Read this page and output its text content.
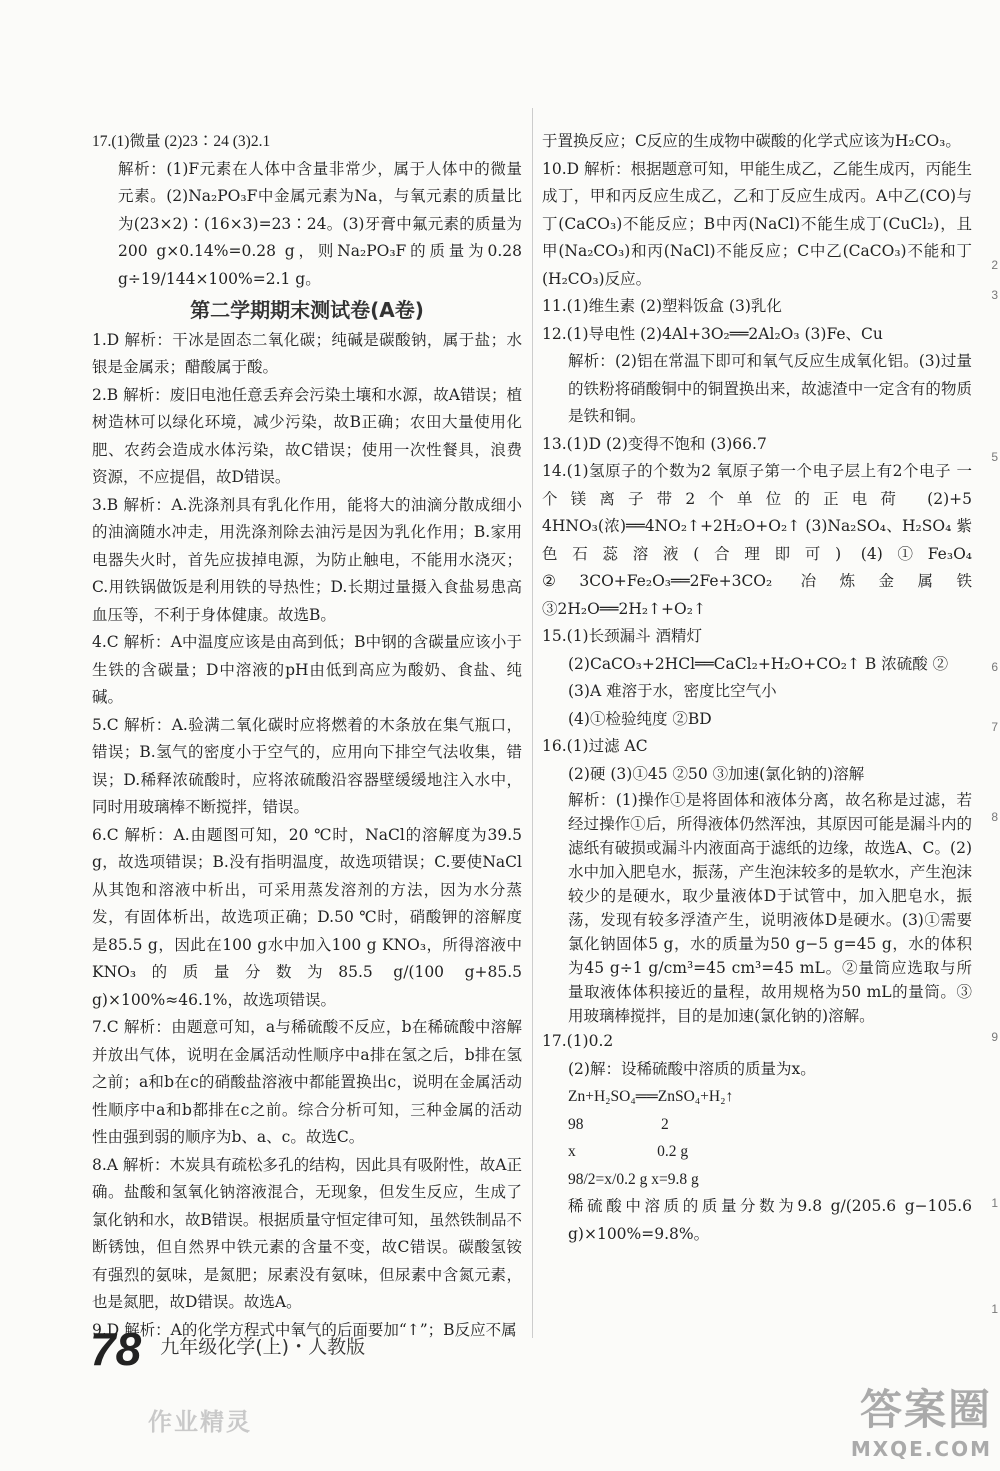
17.(1)微量 (2)23∶24 (3)2.1

解析：(1)F元素在人体中含量非常少，属于人体中的微量元素。(2)Na₂PO₃F中金属元素为Na，与氧元素的质量比为(23×2)∶(16×3)=23∶24。(3)牙膏中氟元素的质量为200 g×0.14%=0.28 g，则Na₂PO₃F的质量为0.28 g÷19/144×100%=2.1 g。

第二学期期末测试卷(A卷)

1.D 解析：干冰是固态二氧化碳；纯碱是碳酸钠，属于盐；水银是金属汞；醋酸属于酸。

2.B 解析：废旧电池任意丢弃会污染土壤和水源，故A错误；植树造林可以绿化环境，减少污染，故B正确；农田大量使用化肥、农药会造成水体污染，故C错误；使用一次性餐具，浪费资源，不应提倡，故D错误。

3.B 解析：A.洗涤剂具有乳化作用，能将大的油滴分散成细小的油滴随水冲走，用洗涤剂除去油污是因为乳化作用；B.家用电器失火时，首先应拔掉电源，为防止触电，不能用水浇灭；C.用铁锅做饭是利用铁的导热性；D.长期过量摄入食盐易患高血压等，不利于身体健康。故选B。

4.C 解析：A中温度应该是由高到低；B中钢的含碳量应该小于生铁的含碳量；D中溶液的pH由低到高应为酸奶、食盐、纯碱。

5.C 解析：A.验满二氧化碳时应将燃着的木条放在集气瓶口，错误；B.氢气的密度小于空气的，应用向下排空气法收集，错误；D.稀释浓硫酸时，应将浓硫酸沿容器壁缓缓地注入水中，同时用玻璃棒不断搅拌，错误。

6.C 解析：A.由题图可知，20 ℃时，NaCl的溶解度为39.5 g，故选项错误；B.没有指明温度，故选项错误；C.要使NaCl从其饱和溶液中析出，可采用蒸发溶剂的方法，因为水分蒸发，有固体析出，故选项正确；D.50 ℃时，硝酸钾的溶解度是85.5 g，因此在100 g水中加入100 g KNO₃，所得溶液中KNO₃的质量分数为85.5 g/(100 g+85.5 g)×100%≈46.1%，故选项错误。

7.C 解析：由题意可知，a与稀硫酸不反应，b在稀硫酸中溶解并放出气体，说明在金属活动性顺序中a排在氢之后，b排在氢之前；a和b在c的硝酸盐溶液中都能置换出c，说明在金属活动性顺序中a和b都排在c之前。综合分析可知，三种金属的活动性由强到弱的顺序为b、a、c。故选C。

8.A 解析：木炭具有疏松多孔的结构，因此具有吸附性，故A正确。盐酸和氢氧化钠溶液混合，无现象，但发生反应，生成了氯化钠和水，故B错误。根据质量守恒定律可知，虽然铁制品不断锈蚀，但自然界中铁元素的含量不变，故C错误。碳酸氢铵有强烈的氨味，是氮肥；尿素没有氨味，但尿素中含氮元素，也是氮肥，故D错误。故选A。

9.D 解析：A的化学方程式中氧气的后面要加“↑”；B反应不属

于置换反应；C反应的生成物中碳酸的化学式应该为H₂CO₃。

10.D 解析：根据题意可知，甲能生成乙，乙能生成丙，丙能生成丁，甲和丙反应生成乙，乙和丁反应生成丙。A中乙(CO)与丁(CaCO₃)不能反应；B中丙(NaCl)不能生成丁(CuCl₂)，且甲(Na₂CO₃)和丙(NaCl)不能反应；C中乙(CaCO₃)不能和丁(H₂CO₃)反应。

11.(1)维生素 (2)塑料饭盒 (3)乳化

12.(1)导电性 (2)4Al+3O₂══2Al₂O₃ (3)Fe、Cu

解析：(2)铝在常温下即可和氧气反应生成氧化铝。(3)过量的铁粉将硝酸铜中的铜置换出来，故滤渣中一定含有的物质是铁和铜。

13.(1)D (2)变得不饱和 (3)66.7

14.(1)氢原子的个数为2 氧原子第一个电子层上有2个电子 一个镁离子带2个单位的正电荷 (2)+5 4HNO₃(浓)══4NO₂↑+2H₂O+O₂↑ (3)Na₂SO₄、H₂SO₄ 紫色石蕊溶液(合理即可) (4)①Fe₃O₄ ②3CO+Fe₂O₃══2Fe+3CO₂ 冶炼金属铁 ③2H₂O══2H₂↑+O₂↑

15.(1)长颈漏斗 酒精灯

(2)CaCO₃+2HCl══CaCl₂+H₂O+CO₂↑ B 浓硫酸 ②

(3)A 难溶于水，密度比空气小

(4)①检验纯度 ②BD

16.(1)过滤 AC

(2)硬 (3)①45 ②50 ③加速(氯化钠的)溶解

解析：(1)操作①是将固体和液体分离，故名称是过滤，若经过操作①后，所得液体仍然浑浊，其原因可能是漏斗内的滤纸有破损或漏斗内液面高于滤纸的边缘，故选A、C。(2)水中加入肥皂水，振荡，产生泡沫较多的是软水，产生泡沫较少的是硬水，取少量液体D于试管中，加入肥皂水，振荡，发现有较多浮渣产生，说明液体D是硬水。(3)①需要氯化钠固体5 g，水的质量为50 g−5 g=45 g，水的体积为45 g÷1 g/cm³=45 cm³=45 mL。②量筒应选取与所量取液体体积接近的量程，故用规格为50 mL的量筒。③用玻璃棒搅拌，目的是加速(氯化钠的)溶解。

17.(1)0.2

(2)解：设稀硫酸中溶质的质量为x。

Zn+H₂SO₄══ZnSO₄+H₂↑

98                    2

x                     0.2 g

98/2=x/0.2 g x=9.8 g

稀硫酸中溶质的质量分数为9.8 g/(205.6 g−105.6 g)×100%=9.8%。

78 九年级化学(上)・人教版
作业精灵	答案圈
MXQE.COM
2
3
5
6
7
8
9
1
1
